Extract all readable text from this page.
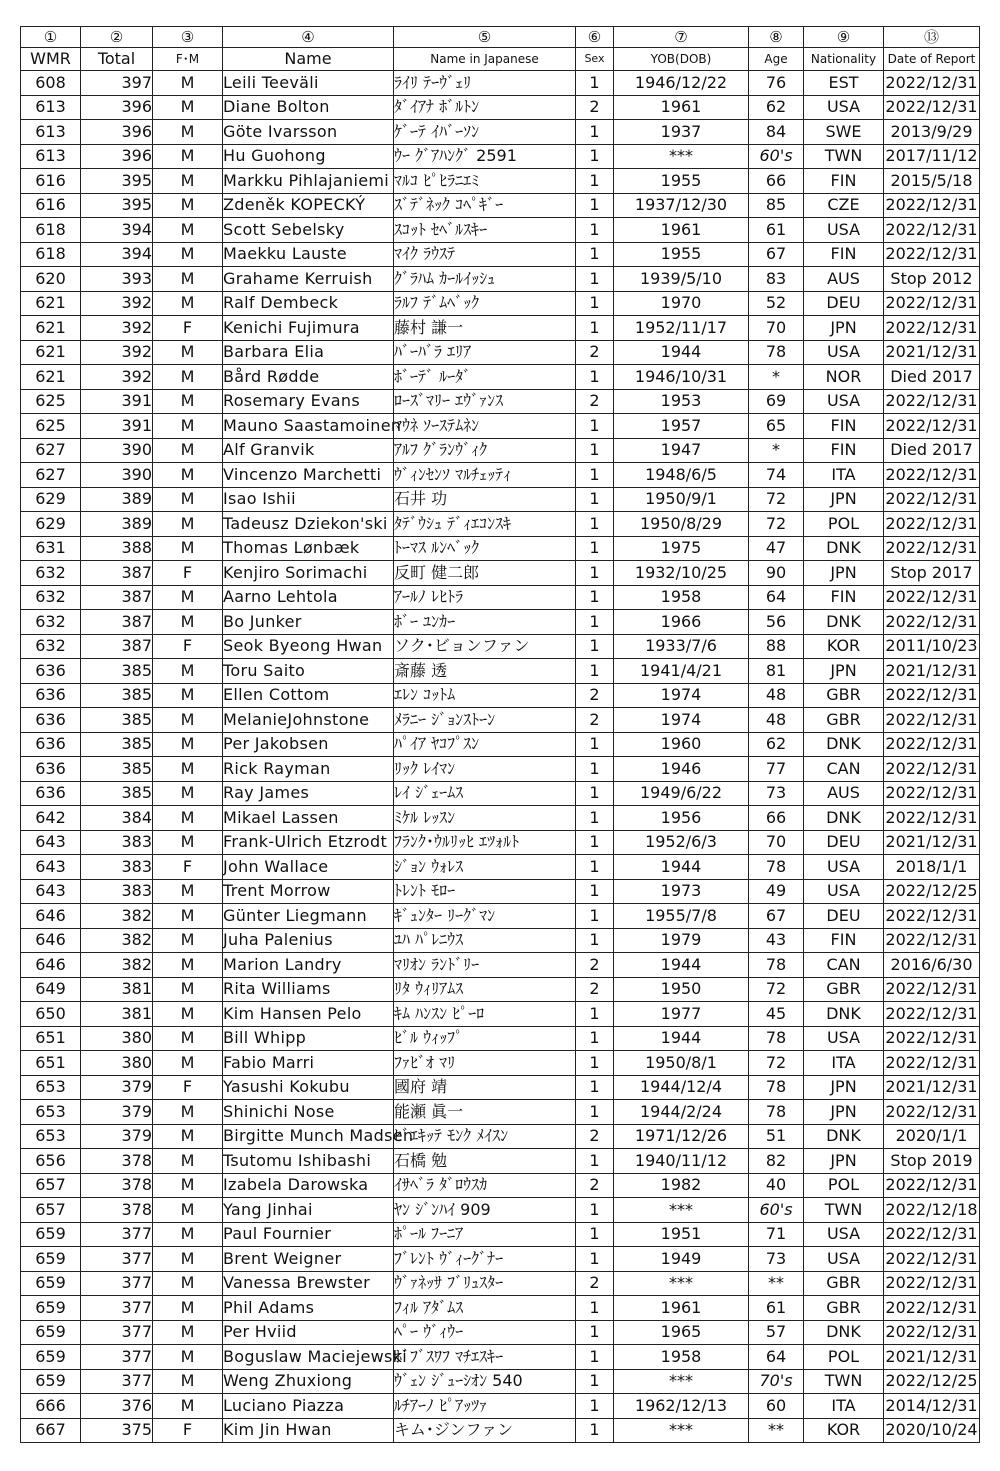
①	②	③	④	⑤	⑥	⑦	⑧	⑨	⑬
WMR	Total	F･M	Name	Name in Japanese	Sex	YOB(DOB)	Age	Nationality	Date of Report
608	397	M	Leili Teeväli	ﾗｲﾘ ﾃｰｳﾞｪﾘ	1	1946/12/22	76	EST	2022/12/31
613	396	M	Diane Bolton	ﾀﾞｲｱﾅ ﾎﾞﾙﾄﾝ	2	1961	62	USA	2022/12/31
613	396	M	Göte Ivarsson	ｹﾞｰﾃ ｲﾊﾞｰｿﾝ	1	1937	84	SWE	2013/9/29
613	396	M	Hu Guohong	ｳｰ ｸﾞｱﾊﾝｸﾞ 2591	1	***	60's	TWN	2017/11/12
616	395	M	Markku Pihlajaniemi	ﾏﾙｺ ﾋﾟﾋﾗﾆｴﾐ	1	1955	66	FIN	2015/5/18
616	395	M	Zdeněk KOPECKÝ	ｽﾞﾃﾞﾈｯｸ ｺﾍﾟｷﾞｰ	1	1937/12/30	85	CZE	2022/12/31
618	394	M	Scott Sebelsky	ｽｺｯﾄ ｾﾍﾞﾙｽｷｰ	1	1961	61	USA	2022/12/31
618	394	M	Maekku Lauste	ﾏｲｸ ﾗｳｽﾃ	1	1955	67	FIN	2022/12/31
620	393	M	Grahame Kerruish	ｸﾞﾗﾊﾑ ｶｰﾙｲｯｼｭ	1	1939/5/10	83	AUS	Stop 2012
621	392	M	Ralf Dembeck	ﾗﾙﾌ ﾃﾞﾑﾍﾞｯｸ	1	1970	52	DEU	2022/12/31
621	392	F	Kenichi Fujimura	藤村 謙一	1	1952/11/17	70	JPN	2022/12/31
621	392	M	Barbara Elia	ﾊﾞｰﾊﾞﾗ ｴﾘｱ	2	1944	78	USA	2021/12/31
621	392	M	Bård Rødde	ﾎﾞｰﾃﾞ ﾙｰﾀﾞ	1	1946/10/31	*	NOR	Died 2017
625	391	M	Rosemary Evans	ﾛｰｽﾞﾏﾘｰ ｴｳﾞｧﾝｽ	2	1953	69	USA	2022/12/31
625	391	M	Mauno Saastamoinen	ﾏｳﾈ ｿｰｽﾃﾑﾈﾝ	1	1957	65	FIN	2022/12/31
627	390	M	Alf Granvik	ｱﾙﾌ ｸﾞﾗﾝｳﾞｨｸ	1	1947	*	FIN	Died 2017
627	390	M	Vincenzo Marchetti	ｳﾞｨﾝｾﾝｿ ﾏﾙﾁｪｯﾃｨ	1	1948/6/5	74	ITA	2022/12/31
629	389	M	Isao Ishii	石井 功	1	1950/9/1	72	JPN	2022/12/31
629	389	M	Tadeusz Dziekon'ski	ﾀﾃﾞｳｼｭ ﾃﾞｨｴｺﾝｽｷ	1	1950/8/29	72	POL	2022/12/31
631	388	M	Thomas Lønbæk	ﾄｰﾏｽ ﾙﾝﾍﾞｯｸ	1	1975	47	DNK	2022/12/31
632	387	F	Kenjiro Sorimachi	反町 健二郎	1	1932/10/25	90	JPN	Stop 2017
632	387	M	Aarno Lehtola	ｱｰﾙﾉ ﾚﾋﾄﾗ	1	1958	64	FIN	2022/12/31
632	387	M	Bo Junker	ﾎﾞｰ ﾕﾝｶｰ	1	1966	56	DNK	2022/12/31
632	387	F	Seok Byeong Hwan	ソク･ビョンファン	1	1933/7/6	88	KOR	2011/10/23
636	385	M	Toru Saito	斎藤 透	1	1941/4/21	81	JPN	2021/12/31
636	385	M	Ellen Cottom	ｴﾚﾝ ｺｯﾄﾑ	2	1974	48	GBR	2022/12/31
636	385	M	MelanieJohnstone	ﾒﾗﾆｰ ｼﾞｮﾝｽﾄｰﾝ	2	1974	48	GBR	2022/12/31
636	385	M	Per Jakobsen	ﾊﾟｲｱ ﾔｺﾌﾟｽﾝ	1	1960	62	DNK	2022/12/31
636	385	M	Rick Rayman	ﾘｯｸ ﾚｲﾏﾝ	1	1946	77	CAN	2022/12/31
636	385	M	Ray James	ﾚｲ ｼﾞｪｰﾑｽ	1	1949/6/22	73	AUS	2022/12/31
642	384	M	Mikael Lassen	ﾐｹﾙ ﾚｯｽﾝ	1	1956	66	DNK	2022/12/31
643	383	M	Frank-Ulrich Etzrodt	ﾌﾗﾝｸ･ｳﾙﾘｯﾋ ｴﾂｫﾙﾄ	1	1952/6/3	70	DEU	2021/12/31
643	383	F	John Wallace	ｼﾞｮﾝ ｳｫﾚｽ	1	1944	78	USA	2018/1/1
643	383	M	Trent Morrow	ﾄﾚﾝﾄ ﾓﾛｰ	1	1973	49	USA	2022/12/25
646	382	M	Günter Liegmann	ｷﾞｭﾝﾀｰ ﾘｰｸﾞﾏﾝ	1	1955/7/8	67	DEU	2022/12/31
646	382	M	Juha Palenius	ﾕﾊ ﾊﾟﾚﾆｳｽ	1	1979	43	FIN	2022/12/31
646	382	M	Marion Landry	ﾏﾘｵﾝ ﾗﾝﾄﾞﾘｰ	2	1944	78	CAN	2016/6/30
649	381	M	Rita Williams	ﾘﾀ ｳｨﾘｱﾑｽ	2	1950	72	GBR	2022/12/31
650	381	M	Kim Hansen Pelo	ｷﾑ ﾊﾝｽﾝ ﾋﾟｰﾛ	1	1977	45	DNK	2022/12/31
651	380	M	Bill Whipp	ﾋﾞﾙ ｳｨｯﾌﾟ	1	1944	78	USA	2022/12/31
651	380	M	Fabio Marri	ﾌｧﾋﾞｵ ﾏﾘ	1	1950/8/1	72	ITA	2022/12/31
653	379	F	Yasushi Kokubu	國府 靖	1	1944/12/4	78	JPN	2021/12/31
653	379	M	Shinichi Nose	能瀬 眞一	1	1944/2/24	78	JPN	2022/12/31
653	379	M	Birgitte Munch Madsen	ﾋﾞｴｷｯﾃ ﾓﾝｸ ﾒｲｽﾝ	2	1971/12/26	51	DNK	2020/1/1
656	378	M	Tsutomu Ishibashi	石橋 勉	1	1940/11/12	82	JPN	Stop 2019
657	378	M	Izabela Darowska	ｲｻﾍﾞﾗ ﾀﾞﾛｳｽｶ	2	1982	40	POL	2022/12/31
657	378	M	Yang Jinhai	ﾔﾝ ｼﾞﾝﾊｲ 909	1	***	60's	TWN	2022/12/18
659	377	M	Paul Fournier	ﾎﾟｰﾙ ﾌｰﾆｱ	1	1951	71	USA	2022/12/31
659	377	M	Brent Weigner	ﾌﾞﾚﾝﾄ ｳﾞｨｰｸﾞﾅｰ	1	1949	73	USA	2022/12/31
659	377	M	Vanessa Brewster	ｳﾞｧﾈｯｻ ﾌﾞﾘｭｽﾀｰ	2	***	**	GBR	2022/12/31
659	377	M	Phil Adams	ﾌｨﾙ ｱﾀﾞﾑｽ	1	1961	61	GBR	2022/12/31
659	377	M	Per Hviid	ﾍﾟｰ ｳﾞｨｳｰ	1	1965	57	DNK	2022/12/31
659	377	M	Boguslaw Maciejewski	ﾎﾞﾌﾞｽﾜﾌ ﾏﾁｴｽｷｰ	1	1958	64	POL	2021/12/31
659	377	M	Weng Zhuxiong	ｳﾞｪﾝ ｼﾞｭｰｼｵﾝ 540	1	***	70's	TWN	2022/12/25
666	376	M	Luciano Piazza	ﾙﾁｱｰﾉ ﾋﾟｱｯﾂｧ	1	1962/12/13	60	ITA	2014/12/31
667	375	F	Kim Jin Hwan	キム･ジンファン	1	***	**	KOR	2020/10/24
